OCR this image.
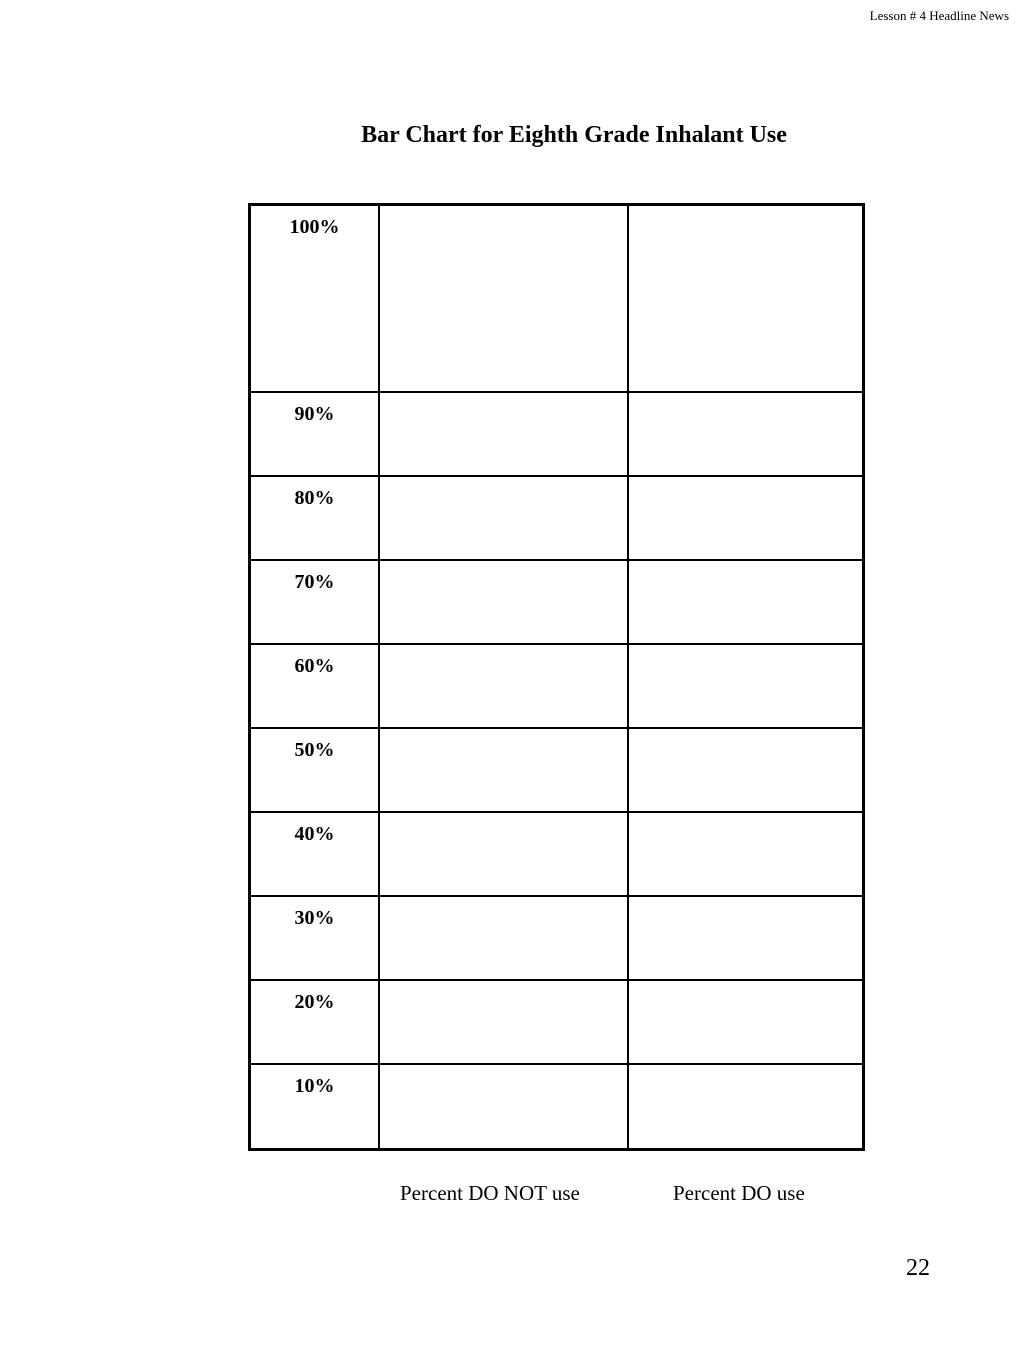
Lesson # 4 Headline News
Bar Chart for Eighth Grade Inhalant Use
100%		
90%		
80%		
70%		
60%		
50%		
40%		
30%		
20%		
10%		
Percent DO NOT use	Percent DO use
22
